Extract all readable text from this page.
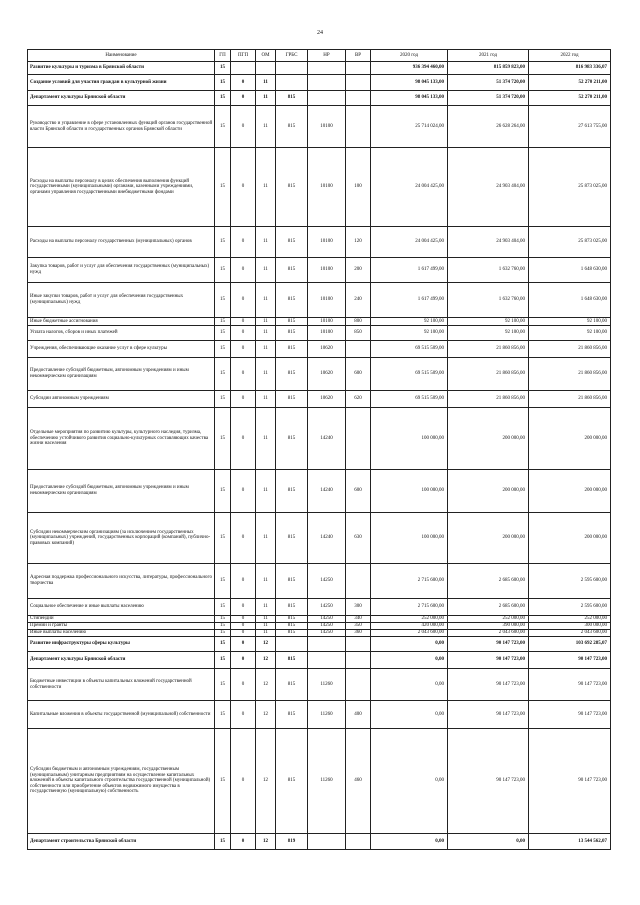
24
Наименование	ГП	ПГП	ОМ	ГРБС	НР	ВР	2020 год	2021 год	2022 год
Развитие культуры и туризма в Брянской области	15						936 394 460,00	815 859 823,00	816 983 336,07
Создание условий для участия граждан в культурной жизни	15	0	11				98 045 133,00	51 374 720,00	52 270 211,00
Департамент культуры Брянской области	15	0	11	815			98 045 133,00	51 374 720,00	52 270 211,00
Руководство и управление в сфере установленных функций органов государственной власти Брянской области и государственных органов Брянской области	15	0	11	815	10100		25 714 024,00	26 628 264,00	27 613 755,00
Расходы на выплаты персоналу в целях обеспечения выполнения функций государственными (муниципальными) органами, казенными учреждениями, органами управления государственными внебюджетными фондами	15	0	11	815	10100	100	24 004 425,00	24 903 404,00	25 873 025,00
Расходы на выплаты персоналу государственных (муниципальных) органов	15	0	11	815	10100	120	24 004 425,00	24 903 404,00	25 873 025,00
Закупка товаров, работ и услуг для обеспечения государственных (муниципальных) нужд	15	0	11	815	10100	200	1 617 499,00	1 632 760,00	1 648 630,00
Иные закупки товаров, работ и услуг для обеспечения государственных (муниципальных) нужд	15	0	11	815	10100	240	1 617 499,00	1 632 760,00	1 648 630,00
Иные бюджетные ассигнования	15	0	11	815	10100	800	92 100,00	92 100,00	92 100,00
Уплата налогов, сборов и иных платежей	15	0	11	815	10100	850	92 100,00	92 100,00	92 100,00
Учреждения, обеспечивающие оказание услуг в сфере культуры	15	0	11	815	10620		69 515 509,00	21 860 856,00	21 860 856,00
Предоставление субсидий бюджетным, автономным учреждениям и иным некоммерческим организациям	15	0	11	815	10620	600	69 515 509,00	21 860 856,00	21 860 856,00
Субсидии автономным учреждениям	15	0	11	815	10620	620	69 515 509,00	21 860 856,00	21 860 856,00
Отдельные мероприятия по развитию культуры, культурного наследия, туризма, обеспечению устойчивого развития социально-культурных составляющих качества жизни населения	15	0	11	815	14240		100 000,00	200 000,00	200 000,00
Предоставление субсидий бюджетным, автономным учреждениям и иным некоммерческим организациям	15	0	11	815	14240	600	100 000,00	200 000,00	200 000,00
Субсидии некоммерческим организациям (за исключением государственных (муниципальных) учреждений, государственных корпораций (компаний), публично-правовых компаний)	15	0	11	815	14240	630	100 000,00	200 000,00	200 000,00
Адресная поддержка профессионального искусства, литературы, профессионального творчества	15	0	11	815	14250		2 715 600,00	2 685 600,00	2 595 600,00
Социальное обеспечение и иные выплаты населению	15	0	11	815	14250	300	2 715 600,00	2 685 600,00	2 595 600,00
Стипендии	15	0	11	815	14250	340	252 000,00	252 000,00	252 000,00
Премии и гранты	15	0	11	815	14250	350	420 000,00	390 000,00	300 000,00
Иные выплаты населению	15	0	11	815	14250	360	2 043 600,00	2 043 600,00	2 043 600,00
Развитие инфраструктуры сферы культуры	15	0	12				0,00	90 147 723,00	103 692 285,07
Департамент культуры Брянской области	15	0	12	815			0,00	90 147 723,00	90 147 723,00
Бюджетные инвестиции в объекты капитальных вложений государственной собственности	15	0	12	815	11260		0,00	90 147 723,00	90 147 723,00
Капитальные вложения в объекты государственной (муниципальной) собственности	15	0	12	815	11260	400	0,00	90 147 723,00	90 147 723,00
Субсидии бюджетным и автономным учреждениям, государственным (муниципальным) унитарным предприятиям на осуществление капитальных вложений в объекты капитального строительства государственной (муниципальной) собственности или приобретение объектов недвижимого имущества в государственную (муниципальную) собственность	15	0	12	815	11260	460	0,00	90 147 723,00	90 147 723,00
Департамент строительства Брянской области	15	0	12	819			0,00	0,00	13 544 562,07
